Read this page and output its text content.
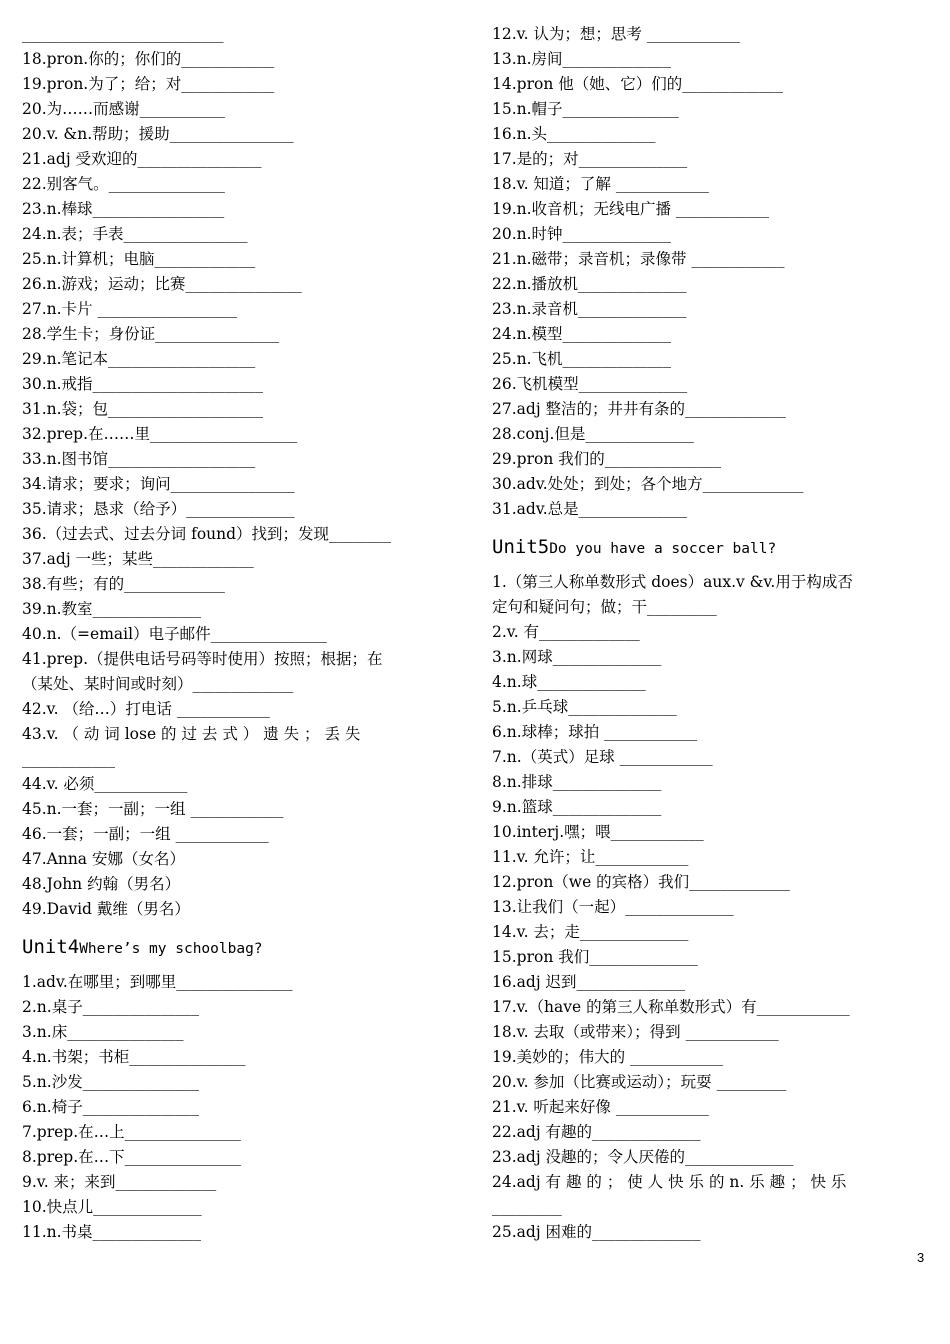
__________________________
18.pron.你的；你们的____________
19.pron.为了；给；对____________
20.为……而感谢___________
20.v. &n.帮助；援助________________
21.adj 受欢迎的________________
22.别客气。_______________
23.n.棒球_________________
24.n.表；手表________________
25.n.计算机；电脑_____________
26.n.游戏；运动；比赛_______________
27.n.卡片 __________________
28.学生卡；身份证________________
29.n.笔记本___________________
30.n.戒指______________________
31.n.袋；包____________________
32.prep.在……里___________________
33.n.图书馆___________________
34.请求；要求；询问________________
35.请求；恳求（给予）______________
36.（过去式、过去分词 found）找到；发现________
37.adj 一些；某些_____________
38.有些；有的_____________
39.n.教室______________
40.n.（=email）电子邮件_______________
41.prep.（提供电话号码等时使用）按照；根据；在
（某处、某时间或时刻）_____________
42.v. （给…）打电话 ____________
43.v. （ 动 词 lose 的 过 去 式 ） 遗 失 ； 丢 失
____________
44.v. 必须____________
45.n.一套；一副；一组 ____________
46.一套；一副；一组 ____________
47.Anna 安娜（女名）
48.John 约翰（男名）
49.David 戴维（男名）
Unit4Where’s my schoolbag?
1.adv.在哪里；到哪里_______________
2.n.桌子_______________
3.n.床_______________
4.n.书架；书柜_______________
5.n.沙发_______________
6.n.椅子_______________
7.prep.在…上_______________
8.prep.在…下_______________
9.v. 来；来到_____________
10.快点儿______________
11.n.书桌______________
12.v. 认为；想；思考 ____________
13.n.房间______________
14.pron 他（她、它）们的_____________
15.n.帽子_______________
16.n.头______________
17.是的；对______________
18.v. 知道；了解 ____________
19.n.收音机；无线电广播 ____________
20.n.时钟______________
21.n.磁带；录音机；录像带 ____________
22.n.播放机______________
23.n.录音机______________
24.n.模型______________
25.n.飞机______________
26.飞机模型______________
27.adj 整洁的；井井有条的_____________
28.conj.但是______________
29.pron 我们的_______________
30.adv.处处；到处；各个地方_____________
31.adv.总是______________
Unit5Do you have a soccer ball?
1.（第三人称单数形式 does）aux.v &v.用于构成否
定句和疑问句；做；干_________
2.v. 有_____________
3.n.网球______________
4.n.球______________
5.n.乒乓球______________
6.n.球棒；球拍 ____________
7.n.（英式）足球 ____________
8.n.排球______________
9.n.篮球______________
10.interj.嘿；喂____________
11.v. 允许；让____________
12.pron（we 的宾格）我们_____________
13.让我们（一起）______________
14.v. 去；走______________
15.pron 我们______________
16.adj 迟到______________
17.v.（have 的第三人称单数形式）有____________
18.v. 去取（或带来）；得到 ____________
19.美妙的；伟大的 ____________
20.v. 参加（比赛或运动）；玩耍 _________
21.v. 听起来好像 ____________
22.adj 有趣的______________
23.adj 没趣的；令人厌倦的______________
24.adj 有 趣 的 ； 使 人 快 乐 的 n. 乐 趣 ； 快 乐
_________
25.adj 困难的______________
3
